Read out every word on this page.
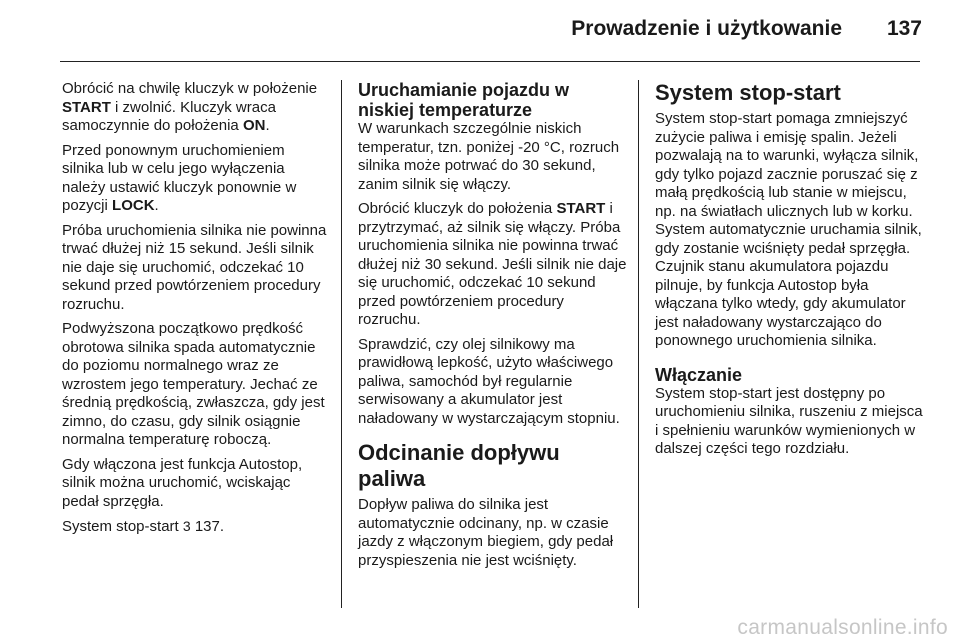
Prowadzenie i użytkowanie 137

Obrócić na chwilę kluczyk w położenie START i zwolnić. Kluczyk wraca samoczynnie do położenia ON.

Przed ponownym uruchomieniem silnika lub w celu jego wyłączenia należy ustawić kluczyk ponownie w pozycji LOCK.

Próba uruchomienia silnika nie powinna trwać dłużej niż 15 sekund. Jeśli silnik nie daje się uruchomić, odczekać 10 sekund przed powtórzeniem procedury rozruchu.

Podwyższona początkowo prędkość obrotowa silnika spada automatycznie do poziomu normalnego wraz ze wzrostem jego temperatury. Jechać ze średnią prędkością, zwłaszcza, gdy jest zimno, do czasu, gdy silnik osiągnie normalna temperaturę roboczą.

Gdy włączona jest funkcja Autostop, silnik można uruchomić, wciskając pedał sprzęgła.

System stop-start 3 137.

Uruchamianie pojazdu w niskiej temperaturze

W warunkach szczególnie niskich temperatur, tzn. poniżej -20 °C, rozruch silnika może potrwać do 30 sekund, zanim silnik się włączy.

Obrócić kluczyk do położenia START i przytrzymać, aż silnik się włączy. Próba uruchomienia silnika nie powinna trwać dłużej niż 30 sekund. Jeśli silnik nie daje się uruchomić, odczekać 10 sekund przed powtórzeniem procedury rozruchu.

Sprawdzić, czy olej silnikowy ma prawidłową lepkość, użyto właściwego paliwa, samochód był regularnie serwisowany a akumulator jest naładowany w wystarczającym stopniu.

Odcinanie dopływu paliwa

Dopływ paliwa do silnika jest automatycznie odcinany, np. w czasie jazdy z włączonym biegiem, gdy pedał przyspieszenia nie jest wciśnięty.

System stop-start

System stop-start pomaga zmniejszyć zużycie paliwa i emisję spalin. Jeżeli pozwalają na to warunki, wyłącza silnik, gdy tylko pojazd zacznie poruszać się z małą prędkością lub stanie w miejscu, np. na światłach ulicznych lub w korku. System automatycznie uruchamia silnik, gdy zostanie wciśnięty pedał sprzęgła. Czujnik stanu akumulatora pojazdu pilnuje, by funkcja Autostop była włączana tylko wtedy, gdy akumulator jest naładowany wystarczająco do ponownego uruchomienia silnika.

Włączanie

System stop-start jest dostępny po uruchomieniu silnika, ruszeniu z miejsca i spełnieniu warunków wymienionych w dalszej części tego rozdziału.

carmanualsonline.info
